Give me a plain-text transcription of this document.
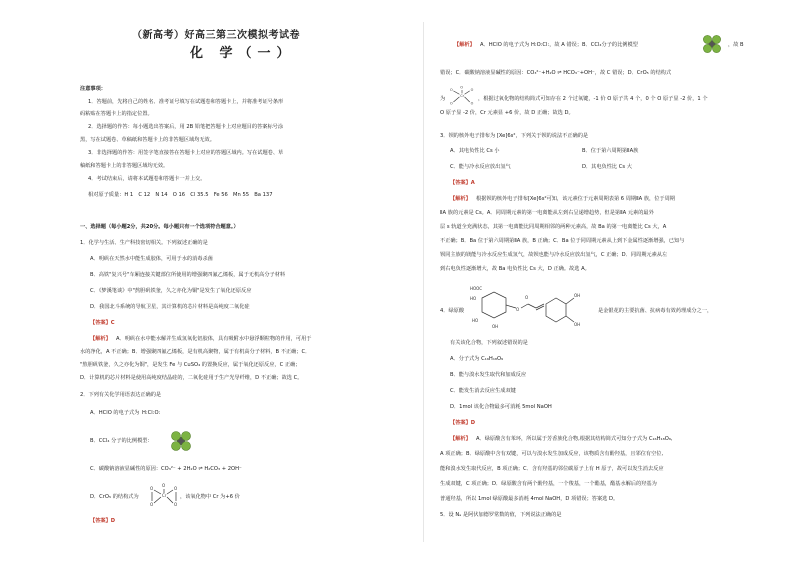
（新高考）好高三第三次模拟考试卷
化 学（一）
注意事项：
1．答题前，先将自己的姓名、准考证号填写在试题卷和答题卡上，并将准考证号条形
码粘贴在答题卡上的指定位置。
2．选择题的作答：每小题选出答案后，用 2B 铅笔把答题卡上对应题目的答案标号涂
黑，写在试题卷、草稿纸和答题卡上的非答题区域均无效。
3．非选择题的作答：用签字笔直接答在答题卡上对应的答题区域内。写在试题卷、草
稿纸和答题卡上的非答题区域均无效。
4．考试结束后，请将本试题卷和答题卡一并上交。
相对原子质量：H 1　C 12　N 14　O 16　Cl 35.5　Fe 56　Mn 55　Ba 137
一、选择题（每小题2分，共20分。每小题只有一个选项符合题意。）
1．化学与生活、生产科技密切相关。下列叙述正确的是
A．明矾在天然水中能生成胶体，可用于水的消毒杀菌
B．高铁"复兴号"车厢连接关键部位所使用的增强聚四氟乙烯板，属于无机高分子材料
C．《梦溪笔谈》中"熬胆矾铁釜，久之亦化为铜"是发生了氧化还原反应
D．我国北斗系统的导航卫星，其计算机的芯片材料是高纯度二氧化硅
【答案】C
【解析】 A．明矾在水中能水解并生成氢氧化铝胶体，具有吸附水中悬浮颗粒物的作用，可用于
水的净化，A 不正确；B．增强聚四氟乙烯板，是有机高聚物，属于有机高分子材料，B 不正确；C．
"熬胆矾铁釜，久之亦化为铜"，是发生 Fe 与 CuSO₄ 的置换反应，属于氧化还原反应，C 正确；
D．计算机的芯片材料是使用高纯度结晶硅的，二氧化硅用于生产光导纤维，D 不正确；故选 C。
2．下列有关化学用语表达正确的是
A．HClO 的电子式为 H:Cl:O:
B．CCl₄ 分子的比例模型：
C．碳酸钠溶液显碱性的原因：CO₃²⁻ + 2H₂O ⇌ H₂CO₃ + 2OH⁻
D．CrO₅ 的结构式为	Cr
O
O	O
O	O
，该氧化物中 Cr 为+6 价
【答案】D
【解析】 A．HClO 的电子式为 H:O:Cl:，故 A 错误；B．CCl₄分子的比例模型	，故 B
错误；C．碳酸钠溶液显碱性的原因：CO₃²⁻+H₂O ⇌ HCO₃⁻+OH⁻，故 C 错误；D．CrO₅ 的结构式
为
Cr
O
O	O
O	O
，根据过氧化物的结构简式可知存在 2 个过氧键，-1 价 O 原子共 4 个，0 个 O 原子显 -2 价，1 个
O 原子显 -2 价，Cr 元素显 +6 价，故 D 正确；故选 D。
3．钡的核外电子排布为 [Xe]6s²，下列关于钡的说法不正确的是
A．其电负性比 Cs 小	B．位于第六周期第ⅡA族
C．能与冷水反应放出氢气	D．其电负性比 Cs 大
【答案】A
【解析】 根据钡的核外电子排布[Xe]6s²可知，该元素位于元素周期表第 6 周期ⅡA 族，位于周期
ⅡA 族的元素是 Cs。A．同周期元素的第一电离能从左到右呈递增趋势，但是第ⅡA 元素的最外
层 s 轨道全充满状态，其第一电离能比同周期相邻的两种元素高，故 Ba 的第一电离能比 Cs 大，A
不正确；B．Ba 位于第六周期第ⅡA 族，B 正确；C．Ba 位于同周期元素从上到下金属性逐渐增强，已知与
钡同主族的镁能与冷水反应生成氢气，故钡也能与冷水反应放出氢气，C 正确；D．同周期元素从左
到右电负性逐渐增大，故 Ba 电负性比 Cs 大，D 正确。故选 A。
4．绿原酸
HOOC
HO
HO
OH
O
O	OH
OH
是金银花的主要抗菌、抗病毒有效药理成分之一，
有关该化合物，下列叙述错误的是
A．分子式为 C₁₆H₁₈O₉
B．能与溴水发生取代和加成反应
C．能发生消去反应生成双键
D．1mol 该化合物最多可消耗 5mol NaOH
【答案】D
【解析】 A．绿原酸含有苯环，所以属于芳香族化合物,根据其结构简式可知分子式为 C₁₆H₁₈O₉,
A 项正确；B．绿原酸中含有双键，可以与溴水发生加成反应，该物质含有酚羟基，且邻位有空位,
能和溴水发生取代反应，B 项正确；C．含有羟基的邻位碳原子上有 H 原子，故可以发生消去反应
生成双键，C 项正确；D．绿原酸含有两个酚羟基，一个羧基，一个酯基，酯基水解后的羟基为
普通羟基，所以 1mol 绿原酸最多消耗 4mol NaOH，D 项错误；答案选 D。
5．设 Nₐ 是阿伏加德罗常数的值，下列说法正确的是
